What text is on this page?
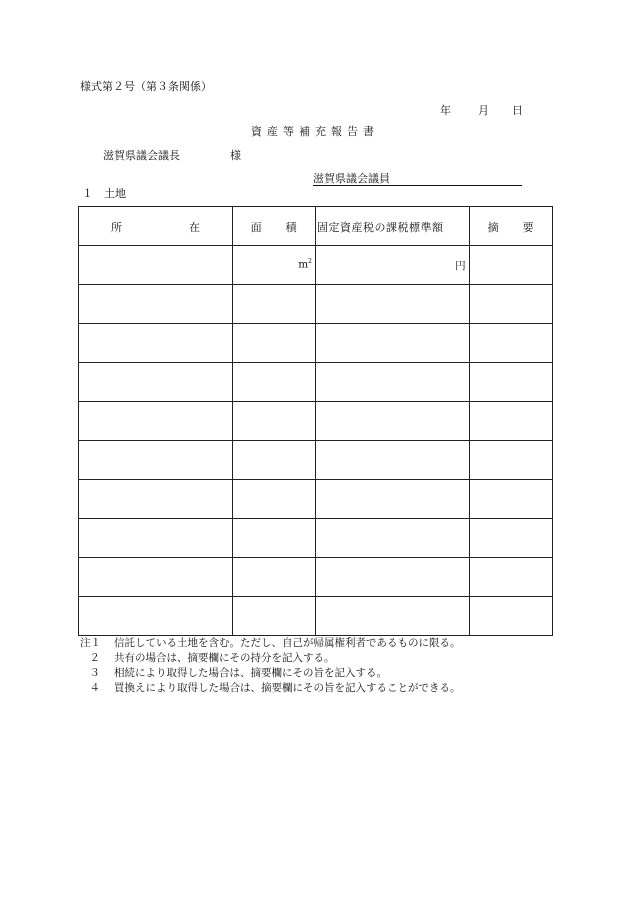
様式第２号（第３条関係）
年 月 日
資産等補充報告書
滋賀県議会議長	様
滋賀県議会議員
１ 土地
所 在	面 積	固定資産税の課税標準額	摘 要

	$m^2$	円	

注１ 信託している土地を含む。ただし、自己が帰属権利者であるものに限る。
２ 共有の場合は、摘要欄にその持分を記入する。
３ 相続により取得した場合は、摘要欄にその旨を記入する。
４ 買換えにより取得した場合は、摘要欄にその旨を記入することができる。
